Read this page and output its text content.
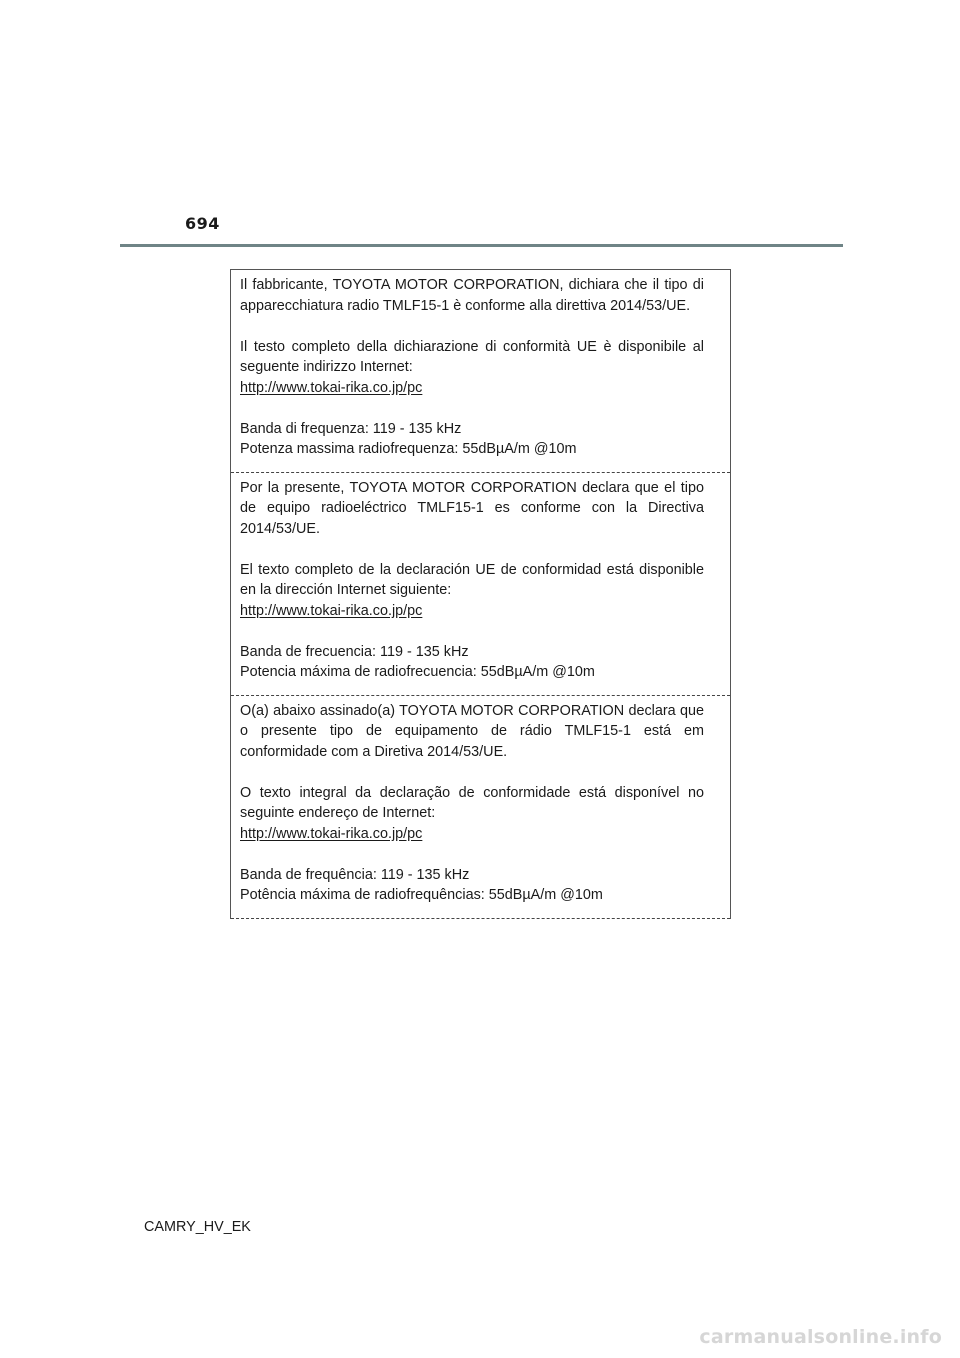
694

Il fabbricante, TOYOTA MOTOR CORPORATION, dichiara che il tipo di apparecchiatura radio TMLF15-1 è conforme alla direttiva 2014/53/UE.

Il testo completo della dichiarazione di conformità UE è disponibile al seguente indirizzo Internet:

http://www.tokai-rika.co.jp/pc

Banda di frequenza: 119 - 135 kHz

Potenza massima radiofrequenza: 55dBµA/m @10m

Por la presente, TOYOTA MOTOR CORPORATION declara que el tipo de equipo radioeléctrico TMLF15-1 es conforme con la Directiva 2014/53/UE.

El texto completo de la declaración UE de conformidad está disponible en la dirección Internet siguiente:

http://www.tokai-rika.co.jp/pc

Banda de frecuencia: 119 - 135 kHz

Potencia máxima de radiofrecuencia: 55dBµA/m @10m

O(a) abaixo assinado(a) TOYOTA MOTOR CORPORATION declara que o presente tipo de equipamento de rádio TMLF15-1 está em conformidade com a Diretiva 2014/53/UE.

O texto integral da declaração de conformidade está disponível no seguinte endereço de Internet:

http://www.tokai-rika.co.jp/pc

Banda de frequência: 119 - 135 kHz

Potência máxima de radiofrequências: 55dBµA/m @10m

CAMRY_HV_EK
carmanualsonline.info
